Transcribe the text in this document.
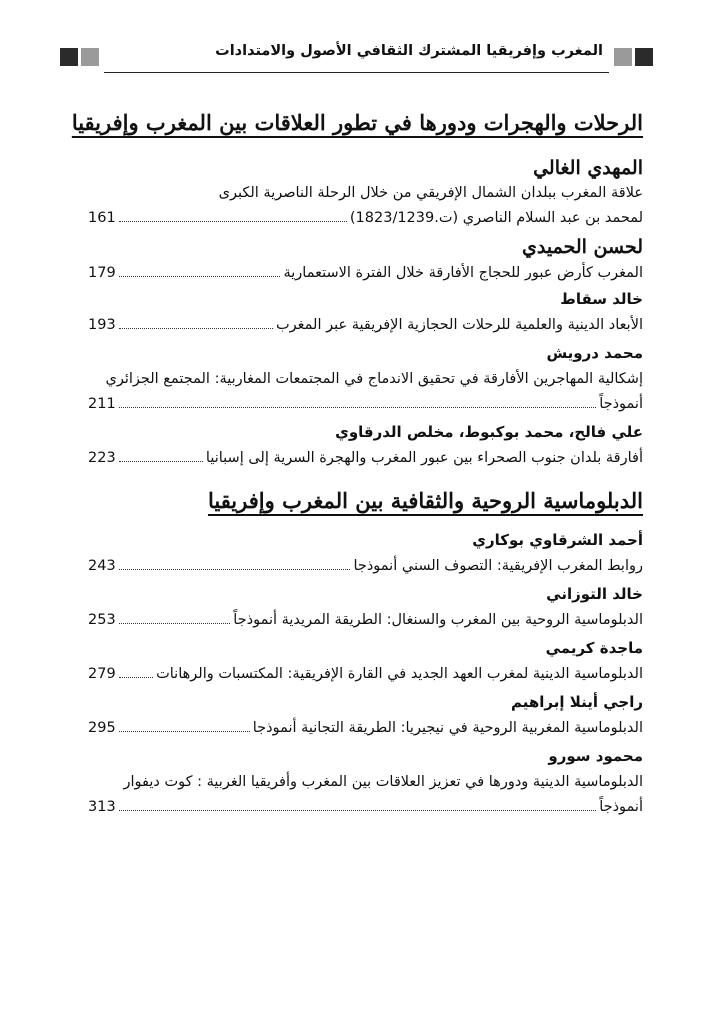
المغرب وإفريقيا المشترك الثقافي الأصول والامتدادات
الرحلات والهجرات ودورها في تطور العلاقات بين المغرب وإفريقيا
المهدي الغالي
علاقة المغرب ببلدان الشمال الإفريقي من خلال الرحلة الناصرية الكبرى
لمحمد بن عبد السلام الناصري (ت.1823/1239)
161
لحسن الحميدي
المغرب كأرض عبور للحجاج الأفارقة خلال الفترة الاستعمارية
179
خالد سقاط
الأبعاد الدينية والعلمية للرحلات الحجازية الإفريقية عبر المغرب
193
محمد درويش
إشكالية المهاجرين الأفارقة في تحقيق الاندماج في المجتمعات المغاربية: المجتمع الجزائري
أنموذجاً
211
علي فالح، محمد بوكبوط، مخلص الدرقاوي
أفارقة بلدان جنوب الصحراء بين عبور المغرب والهجرة السرية إلى إسبانيا
223
الدبلوماسية الروحية والثقافية بين المغرب وإفريقيا
أحمد الشرقاوي بوكاري
روابط المغرب الإفريقية: التصوف السني أنموذجا
243
خالد التوزاني
الدبلوماسية الروحية بين المغرب والسنغال: الطريقة المريدية أنموذجاً
253
ماجدة كريمي
الدبلوماسية الدينية لمغرب العهد الجديد في القارة الإفريقية: المكتسبات والرهانات
279
راجي أينلا إبراهيم
الدبلوماسية المغربية الروحية في نيجيريا: الطريقة التجانية أنموذجا
295
محمود سورو
الدبلوماسية الدينية ودورها في تعزيز العلاقات بين المغرب وأفريقيا الغربية : كوت ديفوار
أنموذجاً
313
